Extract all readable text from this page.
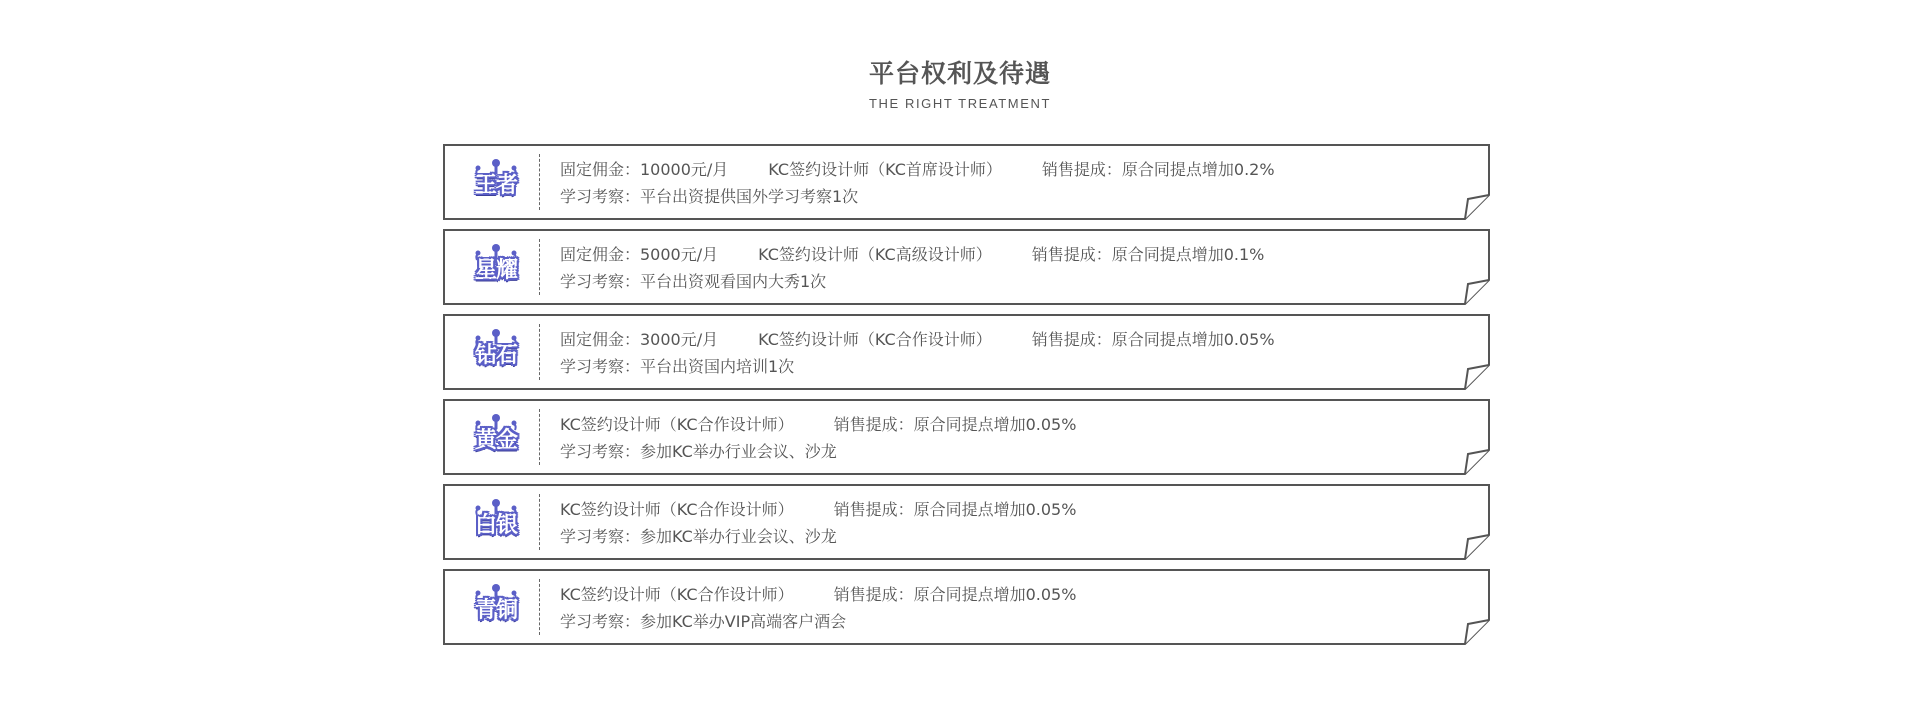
平台权利及待遇
THE RIGHT TREATMENT
王者
固定佣金：10000元/月	KC签约设计师（KC首席设计师）	销售提成：原合同提点增加0.2%
学习考察：平台出资提供国外学习考察1次
星耀
固定佣金：5000元/月	KC签约设计师（KC高级设计师）	销售提成：原合同提点增加0.1%
学习考察：平台出资观看国内大秀1次
钻石
固定佣金：3000元/月	KC签约设计师（KC合作设计师）	销售提成：原合同提点增加0.05%
学习考察：平台出资国内培训1次
黄金
KC签约设计师（KC合作设计师）	销售提成：原合同提点增加0.05%
学习考察：参加KC举办行业会议、沙龙
白银
KC签约设计师（KC合作设计师）	销售提成：原合同提点增加0.05%
学习考察：参加KC举办行业会议、沙龙
青铜
KC签约设计师（KC合作设计师）	销售提成：原合同提点增加0.05%
学习考察：参加KC举办VIP高端客户酒会
